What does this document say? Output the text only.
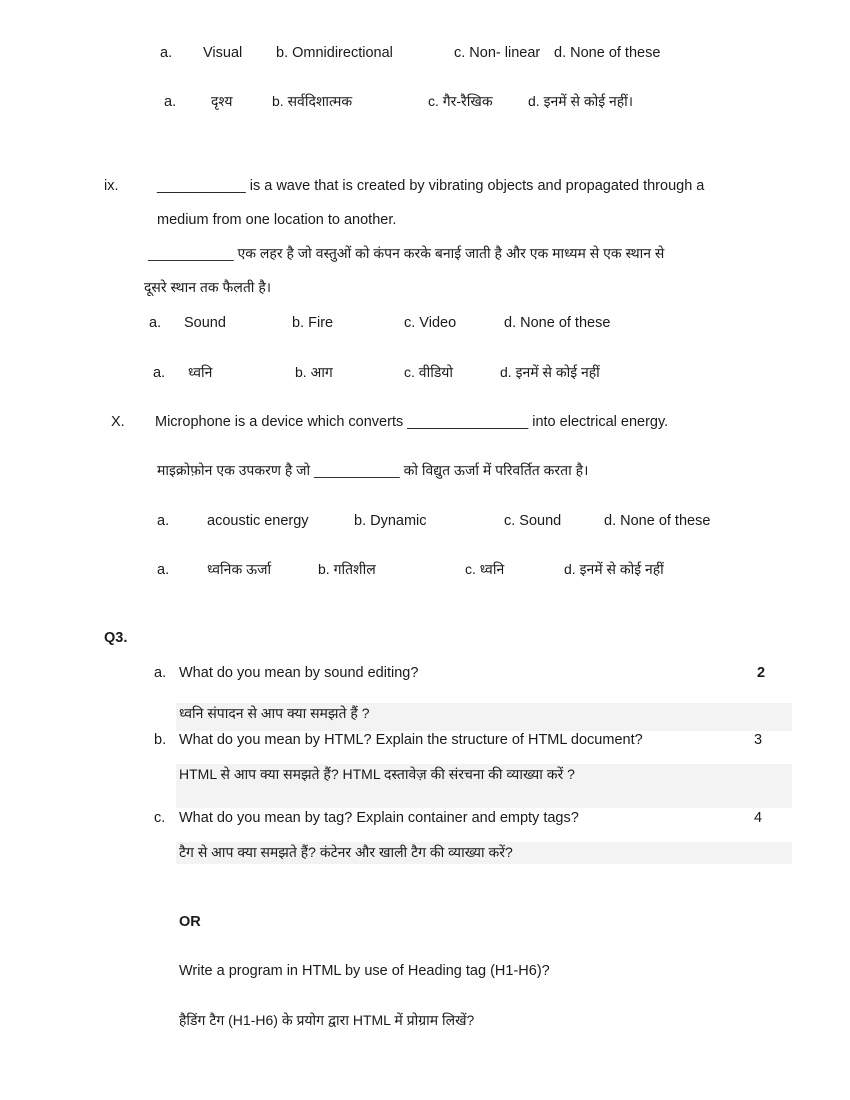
a. Visual b. Omnidirectional	c. Non- linear d. None of these
a. दृश्य	b. सर्वदिशात्मक	c. गैर-रैखिक	d. इनमें से कोई नहीं।
ix.	___________ is a wave that is created by vibrating objects and propagated through a
medium from one location to another.
___________ एक लहर है जो वस्तुओं को कंपन करके बनाई जाती है और एक माध्यम से एक स्थान से
दूसरे स्थान तक फैलती है।
a. Sound	b. Fire	c. Video	d. None of these
a. ध्वनि	b. आग	c. वीडियो	d. इनमें से कोई नहीं
X. Microphone is a device which converts _______________ into electrical energy.
माइक्रोफ़ोन एक उपकरण है जो ___________ को विद्युत ऊर्जा में परिवर्तित करता है।
a.	acoustic energy	b. Dynamic	c. Sound	d. None of these
a.	ध्वनिक ऊर्जा	b. गतिशील	c. ध्वनि	d. इनमें से कोई नहीं
Q3.
a. What do you mean by sound editing?	2
ध्वनि संपादन से आप क्या समझते हैं ?
b. What do you mean by HTML? Explain the structure of HTML document?	3
HTML से आप क्या समझते हैं? HTML दस्तावेज़ की संरचना की व्याख्या करें ?
c. What do you mean by tag? Explain container and empty tags?	4
टैग से आप क्या समझते हैं? कंटेनर और खाली टैग की व्याख्या करें?
OR
Write a program in HTML by use of Heading tag (H1-H6)?
हैडिंग टैग (H1-H6) के प्रयोग द्वारा HTML में प्रोग्राम लिखें?
